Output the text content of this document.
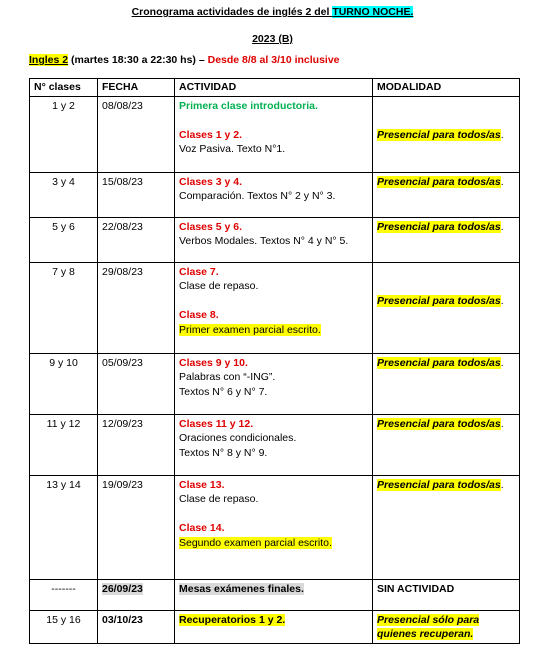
Cronograma actividades de inglés 2 del TURNO NOCHE.
2023 (B)
Ingles 2 (martes 18:30 a 22:30 hs) – Desde 8/8 al 3/10 inclusive
N° clases	FECHA	ACTIVIDAD	MODALIDAD
1 y 2	08/08/23	Primera clase introductoria.
Clases 1 y 2.
Voz Pasiva. Texto N°1.	Presencial para todos/as.
3 y 4	15/08/23	Clases 3 y 4.
Comparación. Textos N° 2 y N° 3.	Presencial para todos/as.
5 y 6	22/08/23	Clases 5 y 6.
Verbos Modales. Textos N° 4 y N° 5.	Presencial para todos/as.
7 y 8	29/08/23	Clase 7.
Clase de repaso.
Clase 8.
Primer examen parcial escrito.	Presencial para todos/as.
9 y 10	05/09/23	Clases 9 y 10.
Palabras con “-ING”.
Textos N° 6 y N° 7.	Presencial para todos/as.
11 y 12	12/09/23	Clases 11 y 12.
Oraciones condicionales.
Textos N° 8 y N° 9.	Presencial para todos/as.
13 y 14	19/09/23	Clase 13.
Clase de repaso.
Clase 14.
Segundo examen parcial escrito.	Presencial para todos/as.
-------	26/09/23	Mesas exámenes finales.	SIN ACTIVIDAD
15 y 16	03/10/23	Recuperatorios 1 y 2.	Presencial sólo para
quienes recuperan.
